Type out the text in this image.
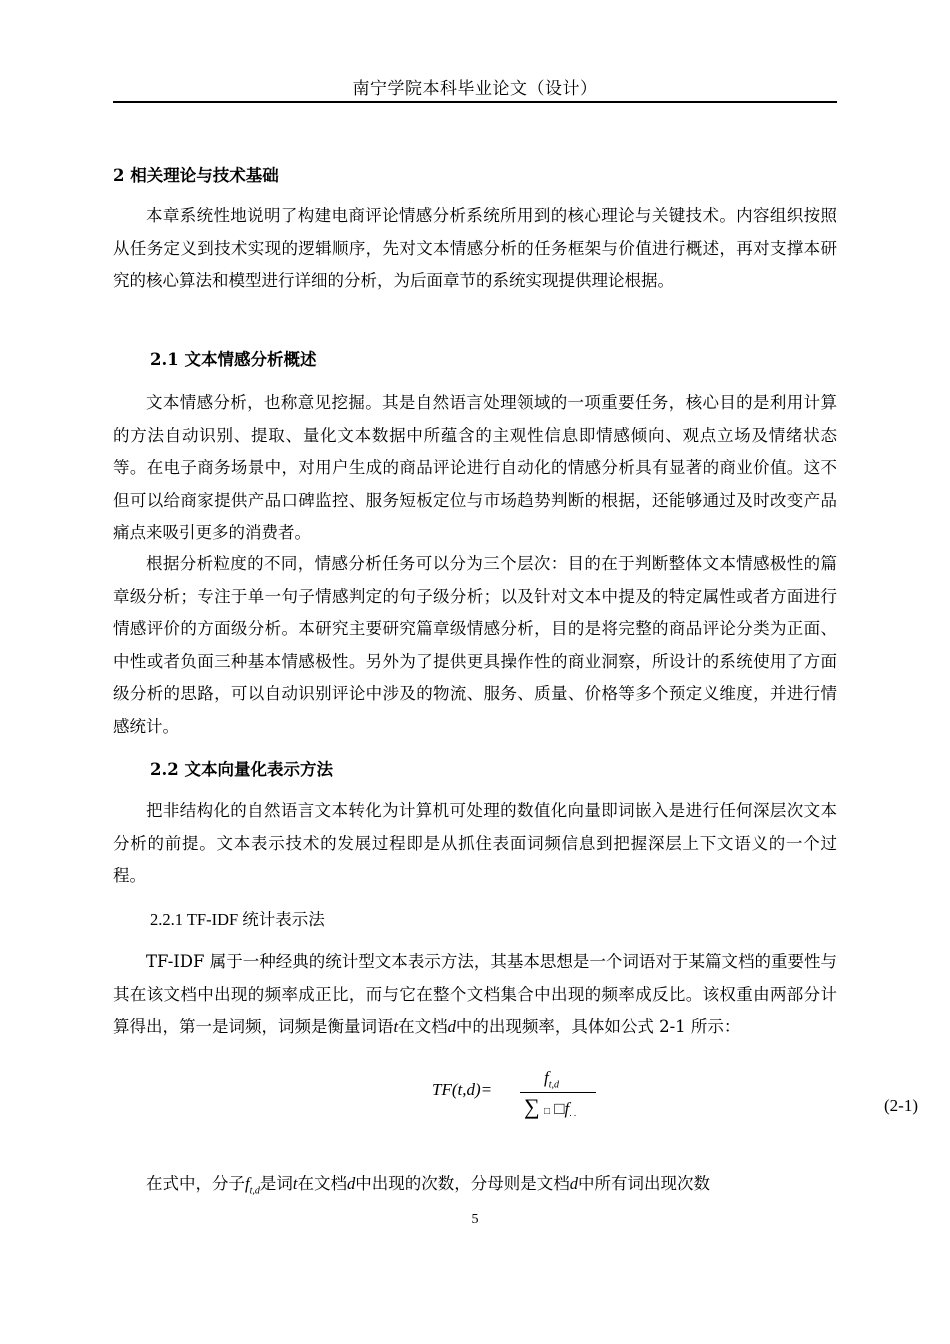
南宁学院本科毕业论文（设计）
2 相关理论与技术基础
本章系统性地说明了构建电商评论情感分析系统所用到的核心理论与关键技术。内容组织按照从任务定义到技术实现的逻辑顺序，先对文本情感分析的任务框架与价值进行概述，再对支撑本研究的核心算法和模型进行详细的分析，为后面章节的系统实现提供理论根据。
2.1 文本情感分析概述
文本情感分析，也称意见挖掘。其是自然语言处理领域的一项重要任务，核心目的是利用计算的方法自动识别、提取、量化文本数据中所蕴含的主观性信息即情感倾向、观点立场及情绪状态等。在电子商务场景中，对用户生成的商品评论进行自动化的情感分析具有显著的商业价值。这不但可以给商家提供产品口碑监控、服务短板定位与市场趋势判断的根据，还能够通过及时改变产品痛点来吸引更多的消费者。
根据分析粒度的不同，情感分析任务可以分为三个层次：目的在于判断整体文本情感极性的篇章级分析；专注于单一句子情感判定的句子级分析；以及针对文本中提及的特定属性或者方面进行情感评价的方面级分析。本研究主要研究篇章级情感分析，目的是将完整的商品评论分类为正面、中性或者负面三种基本情感极性。另外为了提供更具操作性的商业洞察，所设计的系统使用了方面级分析的思路，可以自动识别评论中涉及的物流、服务、质量、价格等多个预定义维度，并进行情感统计。
2.2 文本向量化表示方法
把非结构化的自然语言文本转化为计算机可处理的数值化向量即词嵌入是进行任何深层次文本分析的前提。文本表示技术的发展过程即是从抓住表面词频信息到把握深层上下文语义的一个过程。
2.2.1 TF-IDF 统计表示法
TF-IDF 属于一种经典的统计型文本表示方法，其基本思想是一个词语对于某篇文档的重要性与其在该文档中出现的频率成正比，而与它在整个文档集合中出现的频率成反比。该权重由两部分计算得出，第一是词频，词频是衡量词语t在文档d中的出现频率，具体如公式 2-1 所示：
TF(t,d)=
$f_{t,d}$
∑ □ $□f_{\cdot \cdot}$
(2-1)
在式中，分子$f_{t,d}$是词t在文档d中出现的次数，分母则是文档d中所有词出现次数
5
